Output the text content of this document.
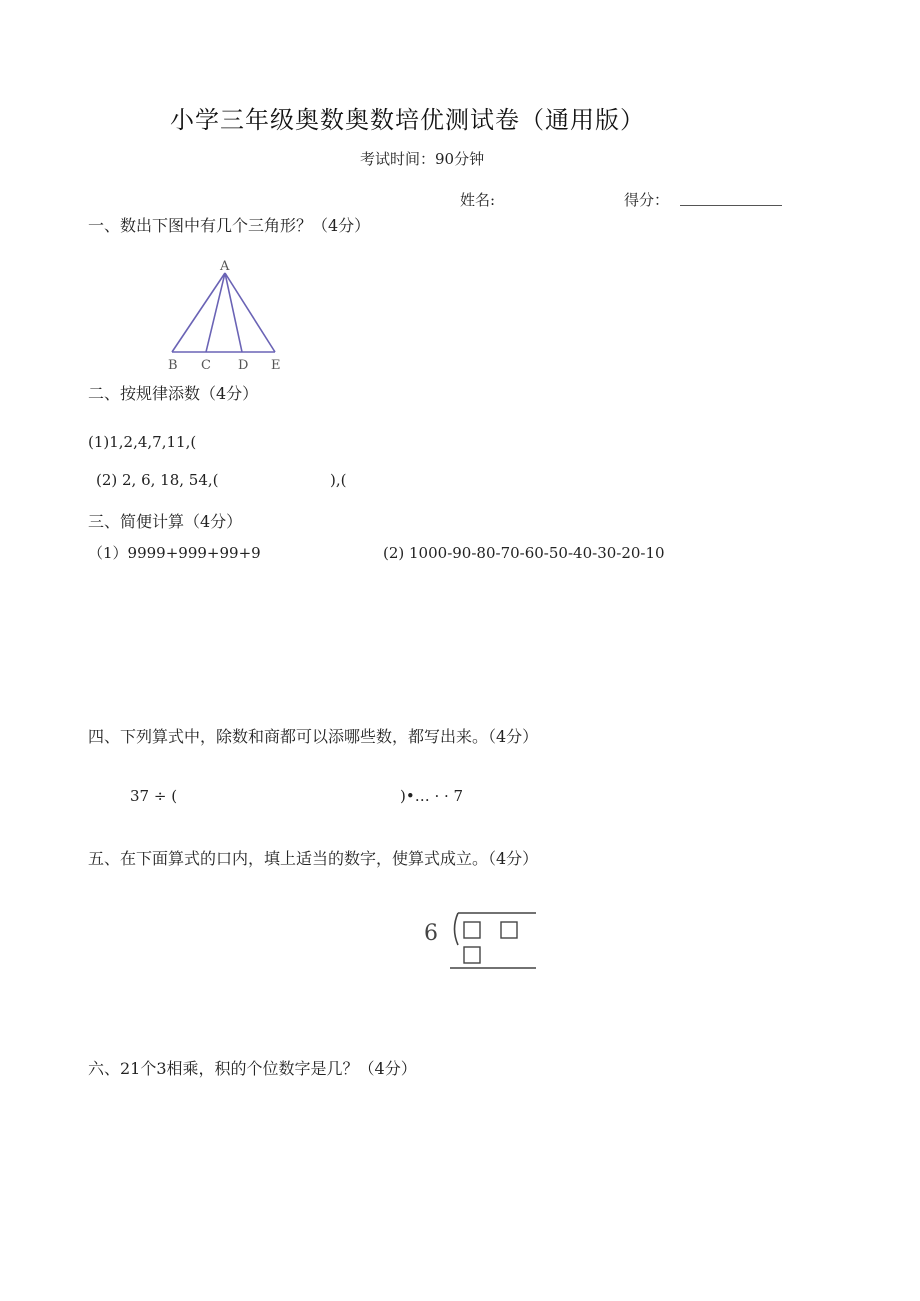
小学三年级奥数奥数培优测试卷（通用版）
考试时间：90分钟
姓名:	得分：
一、数出下图中有几个三角形？（4分）
A
B C D E
二、按规律添数（4分）
(1)1,2,4,7,11,(
(2) 2, 6, 18, 54,(	),(
三、简便计算（4分）
（1）9999+999+99+9	(2) 1000-90-80-70-60-50-40-30-20-10
四、下列算式中，除数和商都可以添哪些数，都写出来。（4分）
37 ÷ (	)•… · · 7
五、在下面算式的口内，填上适当的数字，使算式成立。（4分）
6
六、21个3相乘，积的个位数字是几？（4分）
